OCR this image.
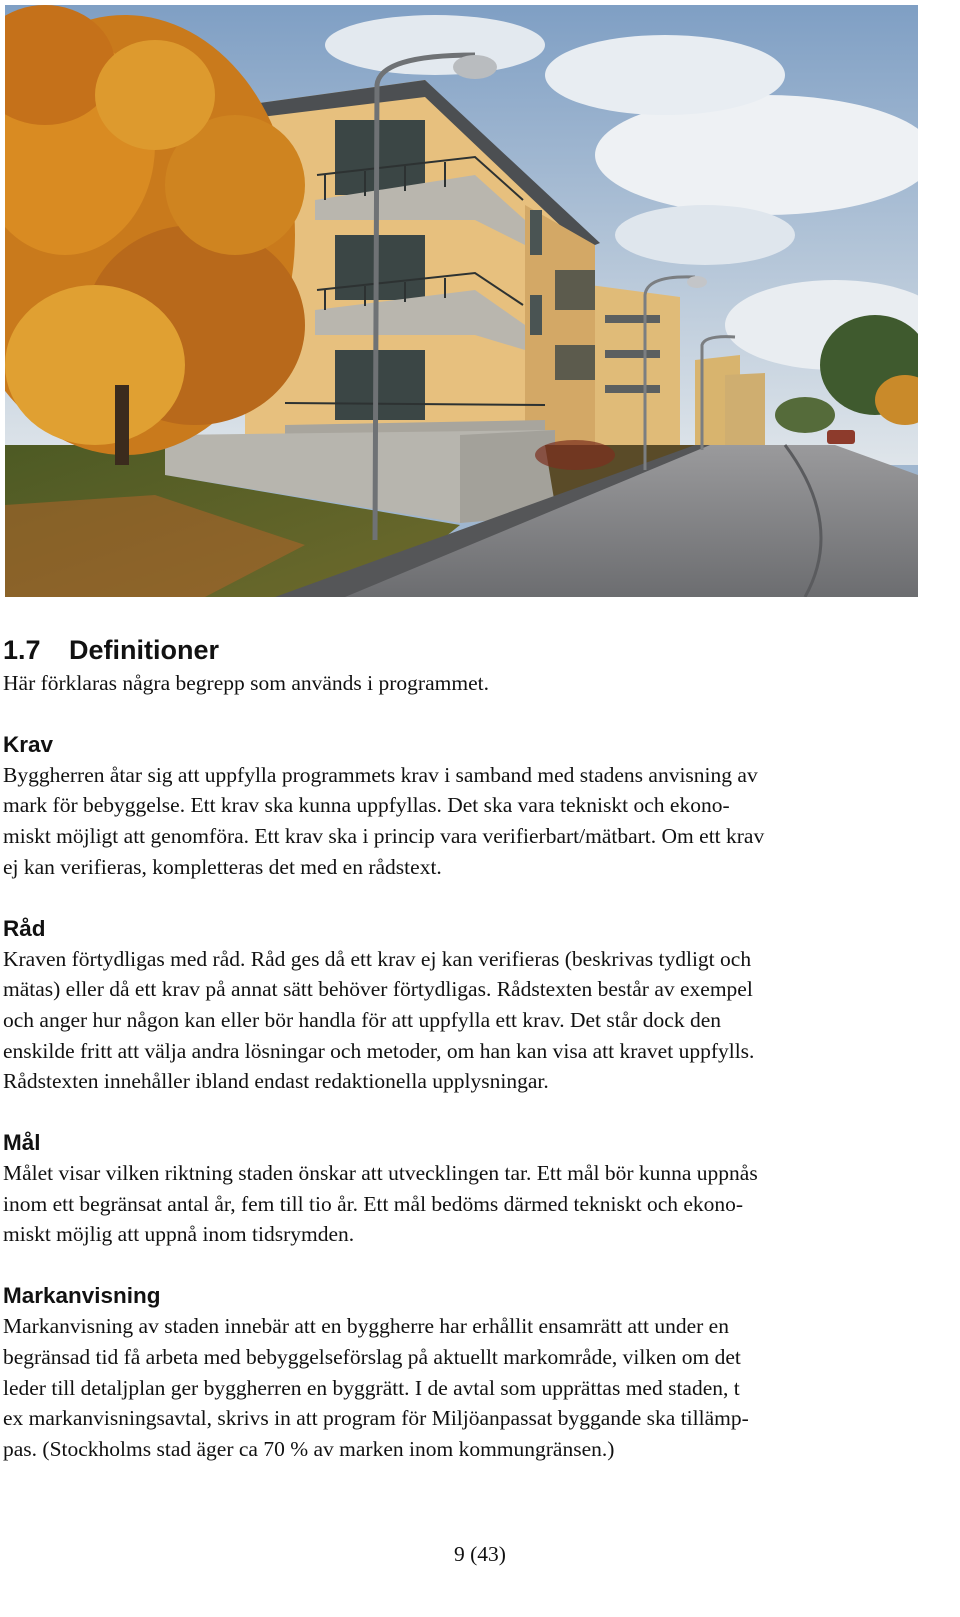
1.7 Definitioner

Här förklaras några begrepp som används i programmet.

Krav

Byggherren åtar sig att uppfylla programmets krav i samband med stadens anvisning av
mark för bebyggelse. Ett krav ska kunna uppfyllas. Det ska vara tekniskt och ekono-
miskt möjligt att genomföra. Ett krav ska i princip vara verifierbart/mätbart. Om ett krav
ej kan verifieras, kompletteras det med en rådstext.

Råd

Kraven förtydligas med råd. Råd ges då ett krav ej kan verifieras (beskrivas tydligt och
mätas) eller då ett krav på annat sätt behöver förtydligas. Rådstexten består av exempel
och anger hur någon kan eller bör handla för att uppfylla ett krav. Det står dock den
enskilde fritt att välja andra lösningar och metoder, om han kan visa att kravet uppfylls.
Rådstexten innehåller ibland endast redaktionella upplysningar.

Mål

Målet visar vilken riktning staden önskar att utvecklingen tar. Ett mål bör kunna uppnås
inom ett begränsat antal år, fem till tio år. Ett mål bedöms därmed tekniskt och ekono-
miskt möjlig att uppnå inom tidsrymden.

Markanvisning

Markanvisning av staden innebär att en byggherre har erhållit ensamrätt att under en
begränsad tid få arbeta med bebyggelseförslag på aktuellt markområde, vilken om det
leder till detaljplan ger byggherren en byggrätt. I de avtal som upprättas med staden, t
ex markanvisningsavtal, skrivs in att program för Miljöanpassat byggande ska tillämp-
pas. (Stockholms stad äger ca 70 % av marken inom kommungränsen.)

9 (43)
